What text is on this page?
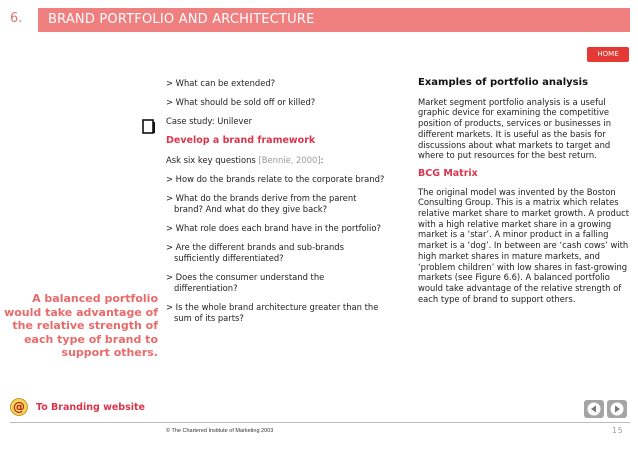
6. BRAND PORTFOLIO AND ARCHITECTURE
HOME
> What can be extended?
> What should be sold off or killed?
Case study: Unilever
Develop a brand framework
Ask six key questions [Bennie, 2000]:
> How do the brands relate to the corporate brand?
> What do the brands derive from the parent brand? And what do they give back?
> What role does each brand have in the portfolio?
> Are the different brands and sub-brands sufficiently differentiated?
> Does the consumer understand the differentiation?
> Is the whole brand architecture greater than the sum of its parts?
Examples of portfolio analysis

Market segment portfolio analysis is a useful graphic device for examining the competitive position of products, services or businesses in different markets. It is useful as the basis for discussions about what markets to target and where to put resources for the best return.

BCG Matrix

The original model was invented by the Boston Consulting Group. This is a matrix which relates relative market share to market growth. A product with a high relative market share in a growing market is a ‘star’. A minor product in a falling market is a ‘dog’. In between are ‘cash cows’ with high market shares in mature markets, and ‘problem children’ with low shares in fast-growing markets (see Figure 6.6). A balanced portfolio would take advantage of the relative strength of each type of brand to support others.

A balanced portfolio would take advantage of the relative strength of each type of brand to support others.
@ To Branding website
© The Chartered Institute of Marketing 2003	15
